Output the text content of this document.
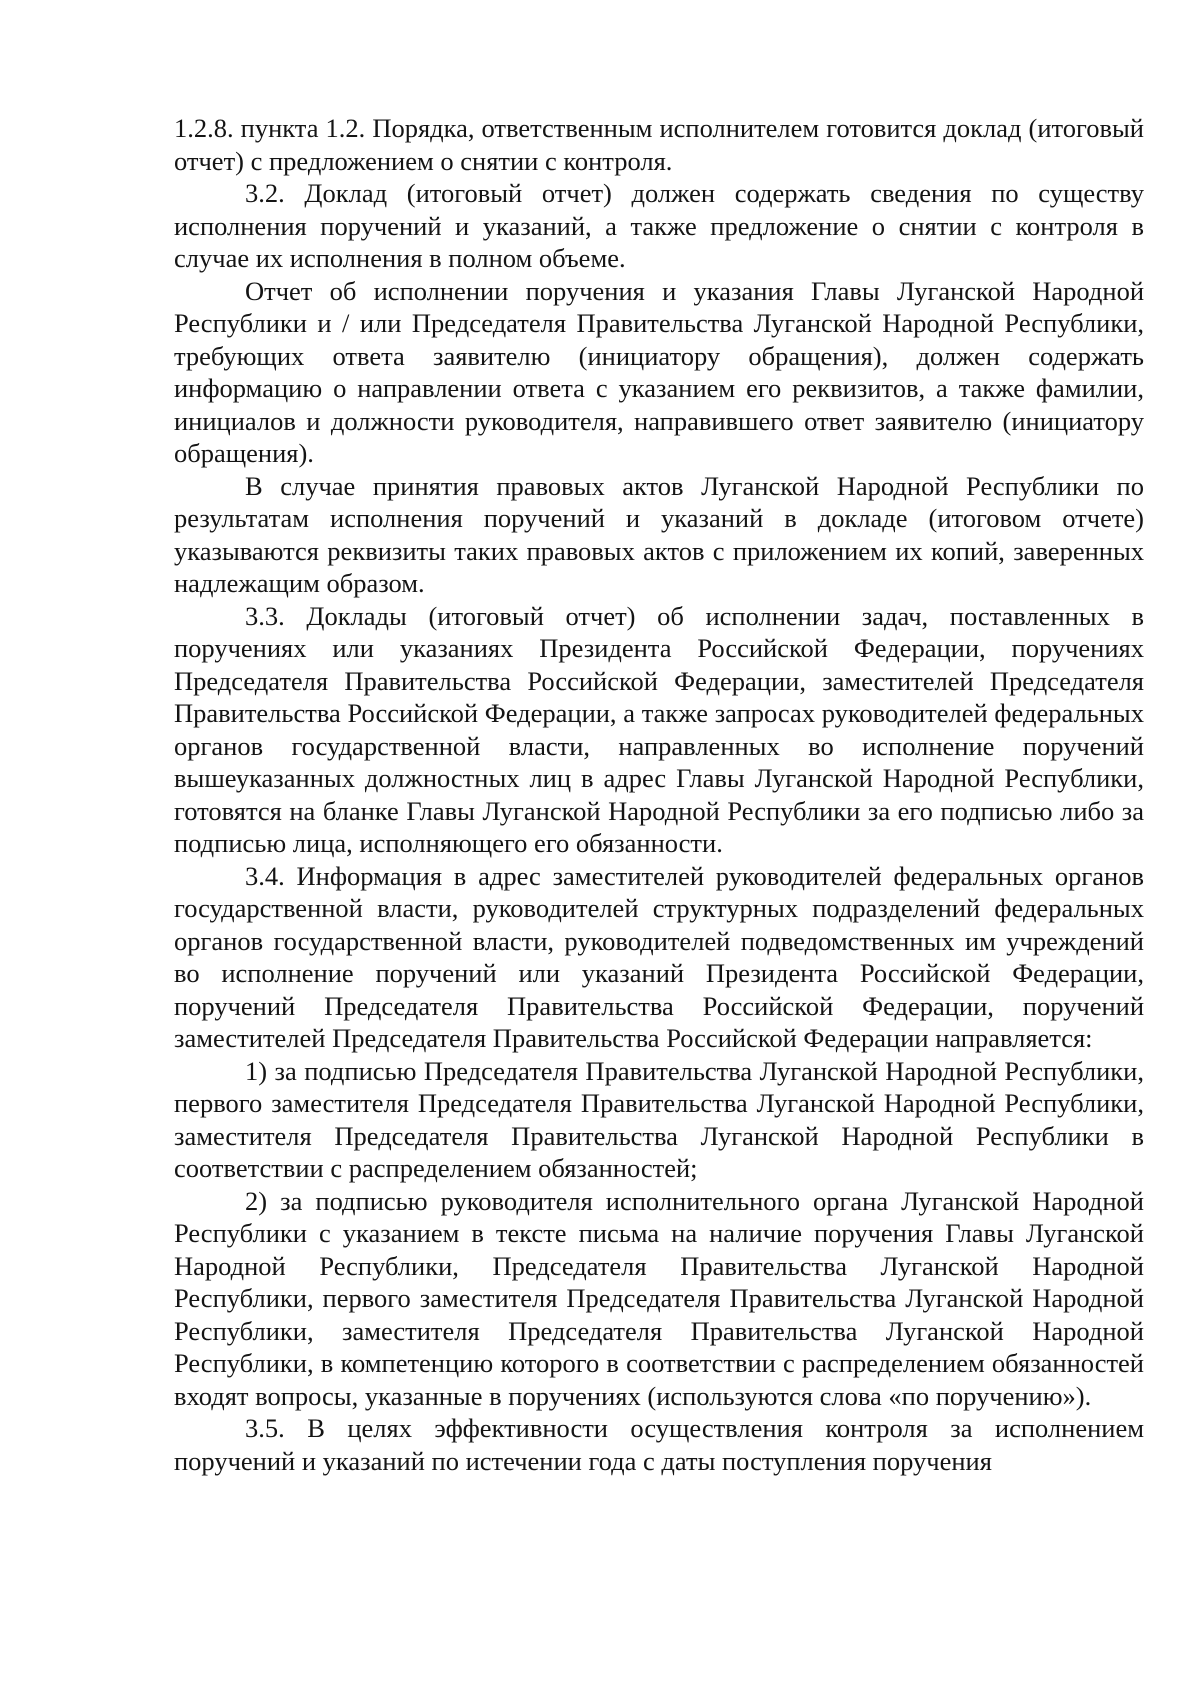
1.2.8. пункта 1.2. Порядка, ответственным исполнителем готовится доклад (итоговый отчет) с предложением о снятии с контроля.

3.2. Доклад (итоговый отчет) должен содержать сведения по существу исполнения поручений и указаний, а также предложение о снятии с контроля в случае их исполнения в полном объеме.

Отчет об исполнении поручения и указания Главы Луганской Народной Республики и / или Председателя Правительства Луганской Народной Республики, требующих ответа заявителю (инициатору обращения), должен содержать информацию о направлении ответа с указанием его реквизитов, а также фамилии, инициалов и должности руководителя, направившего ответ заявителю (инициатору обращения).

В случае принятия правовых актов Луганской Народной Республики по результатам исполнения поручений и указаний в докладе (итоговом отчете) указываются реквизиты таких правовых актов с приложением их копий, заверенных надлежащим образом.

3.3. Доклады (итоговый отчет) об исполнении задач, поставленных в поручениях или указаниях Президента Российской Федерации, поручениях Председателя Правительства Российской Федерации, заместителей Председателя Правительства Российской Федерации, а также запросах руководителей федеральных органов государственной власти, направленных во исполнение поручений вышеуказанных должностных лиц в адрес Главы Луганской Народной Республики, готовятся на бланке Главы Луганской Народной Республики за его подписью либо за подписью лица, исполняющего его обязанности.

3.4. Информация в адрес заместителей руководителей федеральных органов государственной власти, руководителей структурных подразделений федеральных органов государственной власти, руководителей подведомственных им учреждений во исполнение поручений или указаний Президента Российской Федерации, поручений Председателя Правительства Российской Федерации, поручений заместителей Председателя Правительства Российской Федерации направляется:

1) за подписью Председателя Правительства Луганской Народной Республики, первого заместителя Председателя Правительства Луганской Народной Республики, заместителя Председателя Правительства Луганской Народной Республики в соответствии с распределением обязанностей;

2) за подписью руководителя исполнительного органа Луганской Народной Республики с указанием в тексте письма на наличие поручения Главы Луганской Народной Республики, Председателя Правительства Луганской Народной Республики, первого заместителя Председателя Правительства Луганской Народной Республики, заместителя Председателя Правительства Луганской Народной Республики, в компетенцию которого в соответствии с распределением обязанностей входят вопросы, указанные в поручениях (используются слова «по поручению»).

3.5. В целях эффективности осуществления контроля за исполнением поручений и указаний по истечении года с даты поступления поручения
